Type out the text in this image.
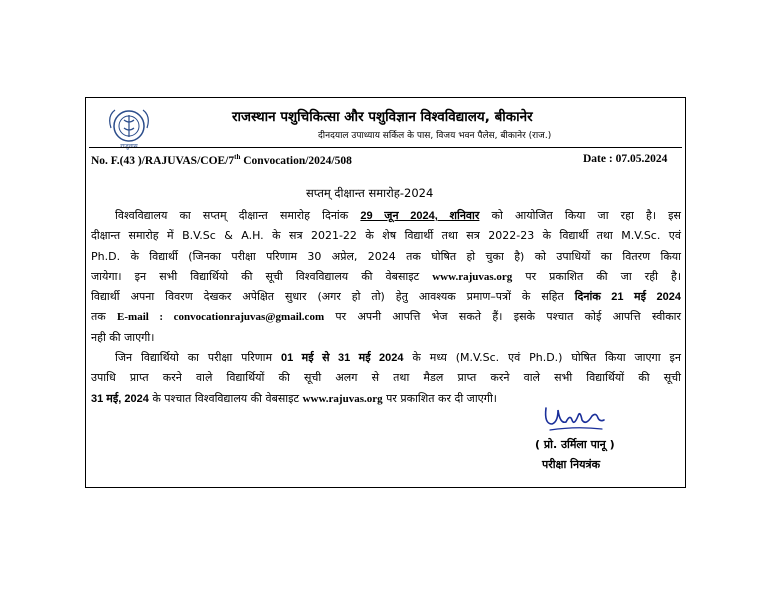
राजुवास
राजस्थान पशुचिकित्सा और पशुविज्ञान विश्वविद्यालय, बीकानेर
दीनदयाल उपाध्याय सर्किल के पास, विजय भवन पैलेस, बीकानेर (राज.)
No. F.(43 )/RAJUVAS/COE/7th Convocation/2024/508	Date : 07.05.2024
सप्तम् दीक्षान्त समारोह-2024
विश्वविद्यालय का सप्तम् दीक्षान्त समारोह दिनांक 29 जून 2024, शनिवार को आयोजित किया जा रहा है। इस
दीक्षान्त समारोह में B.V.Sc & A.H. के सत्र 2021-22 के शेष विद्यार्थी तथा सत्र 2022-23 के विद्यार्थी तथा M.V.Sc. एवं
Ph.D. के विद्यार्थी (जिनका परीक्षा परिणाम 30 अप्रेल, 2024 तक घोषित हो चुका है) को उपाधियों का वितरण किया
जायेगा। इन सभी विद्यार्थियो की सूची विश्वविद्यालय की वेबसाइट www.rajuvas.org पर प्रकाशित की जा रही है।
विद्यार्थी अपना विवरण देखकर अपेक्षित सुधार (अगर हो तो) हेतु आवश्यक प्रमाण–पत्रों के सहित दिनांक 21 मई 2024
तक E-mail : convocationrajuvas@gmail.com पर अपनी आपत्ति भेज सकते हैं। इसके पश्चात कोई आपत्ति स्वीकार
नही की जाएगी।
जिन विद्यार्थियो का परीक्षा परिणाम 01 मई से 31 मई 2024 के मध्य (M.V.Sc. एवं Ph.D.) घोषित किया जाएगा इन
उपाधि प्राप्त करने वाले विद्यार्थियों की सूची अलग से तथा मैडल प्राप्त करने वाले सभी विद्यार्थियों की सूची
31 मई, 2024 के पश्चात विश्वविद्यालय की वेबसाइट www.rajuvas.org पर प्रकाशित कर दी जाएगी।
( प्रो. उर्मिला पानू )
परीक्षा नियत्रंक
